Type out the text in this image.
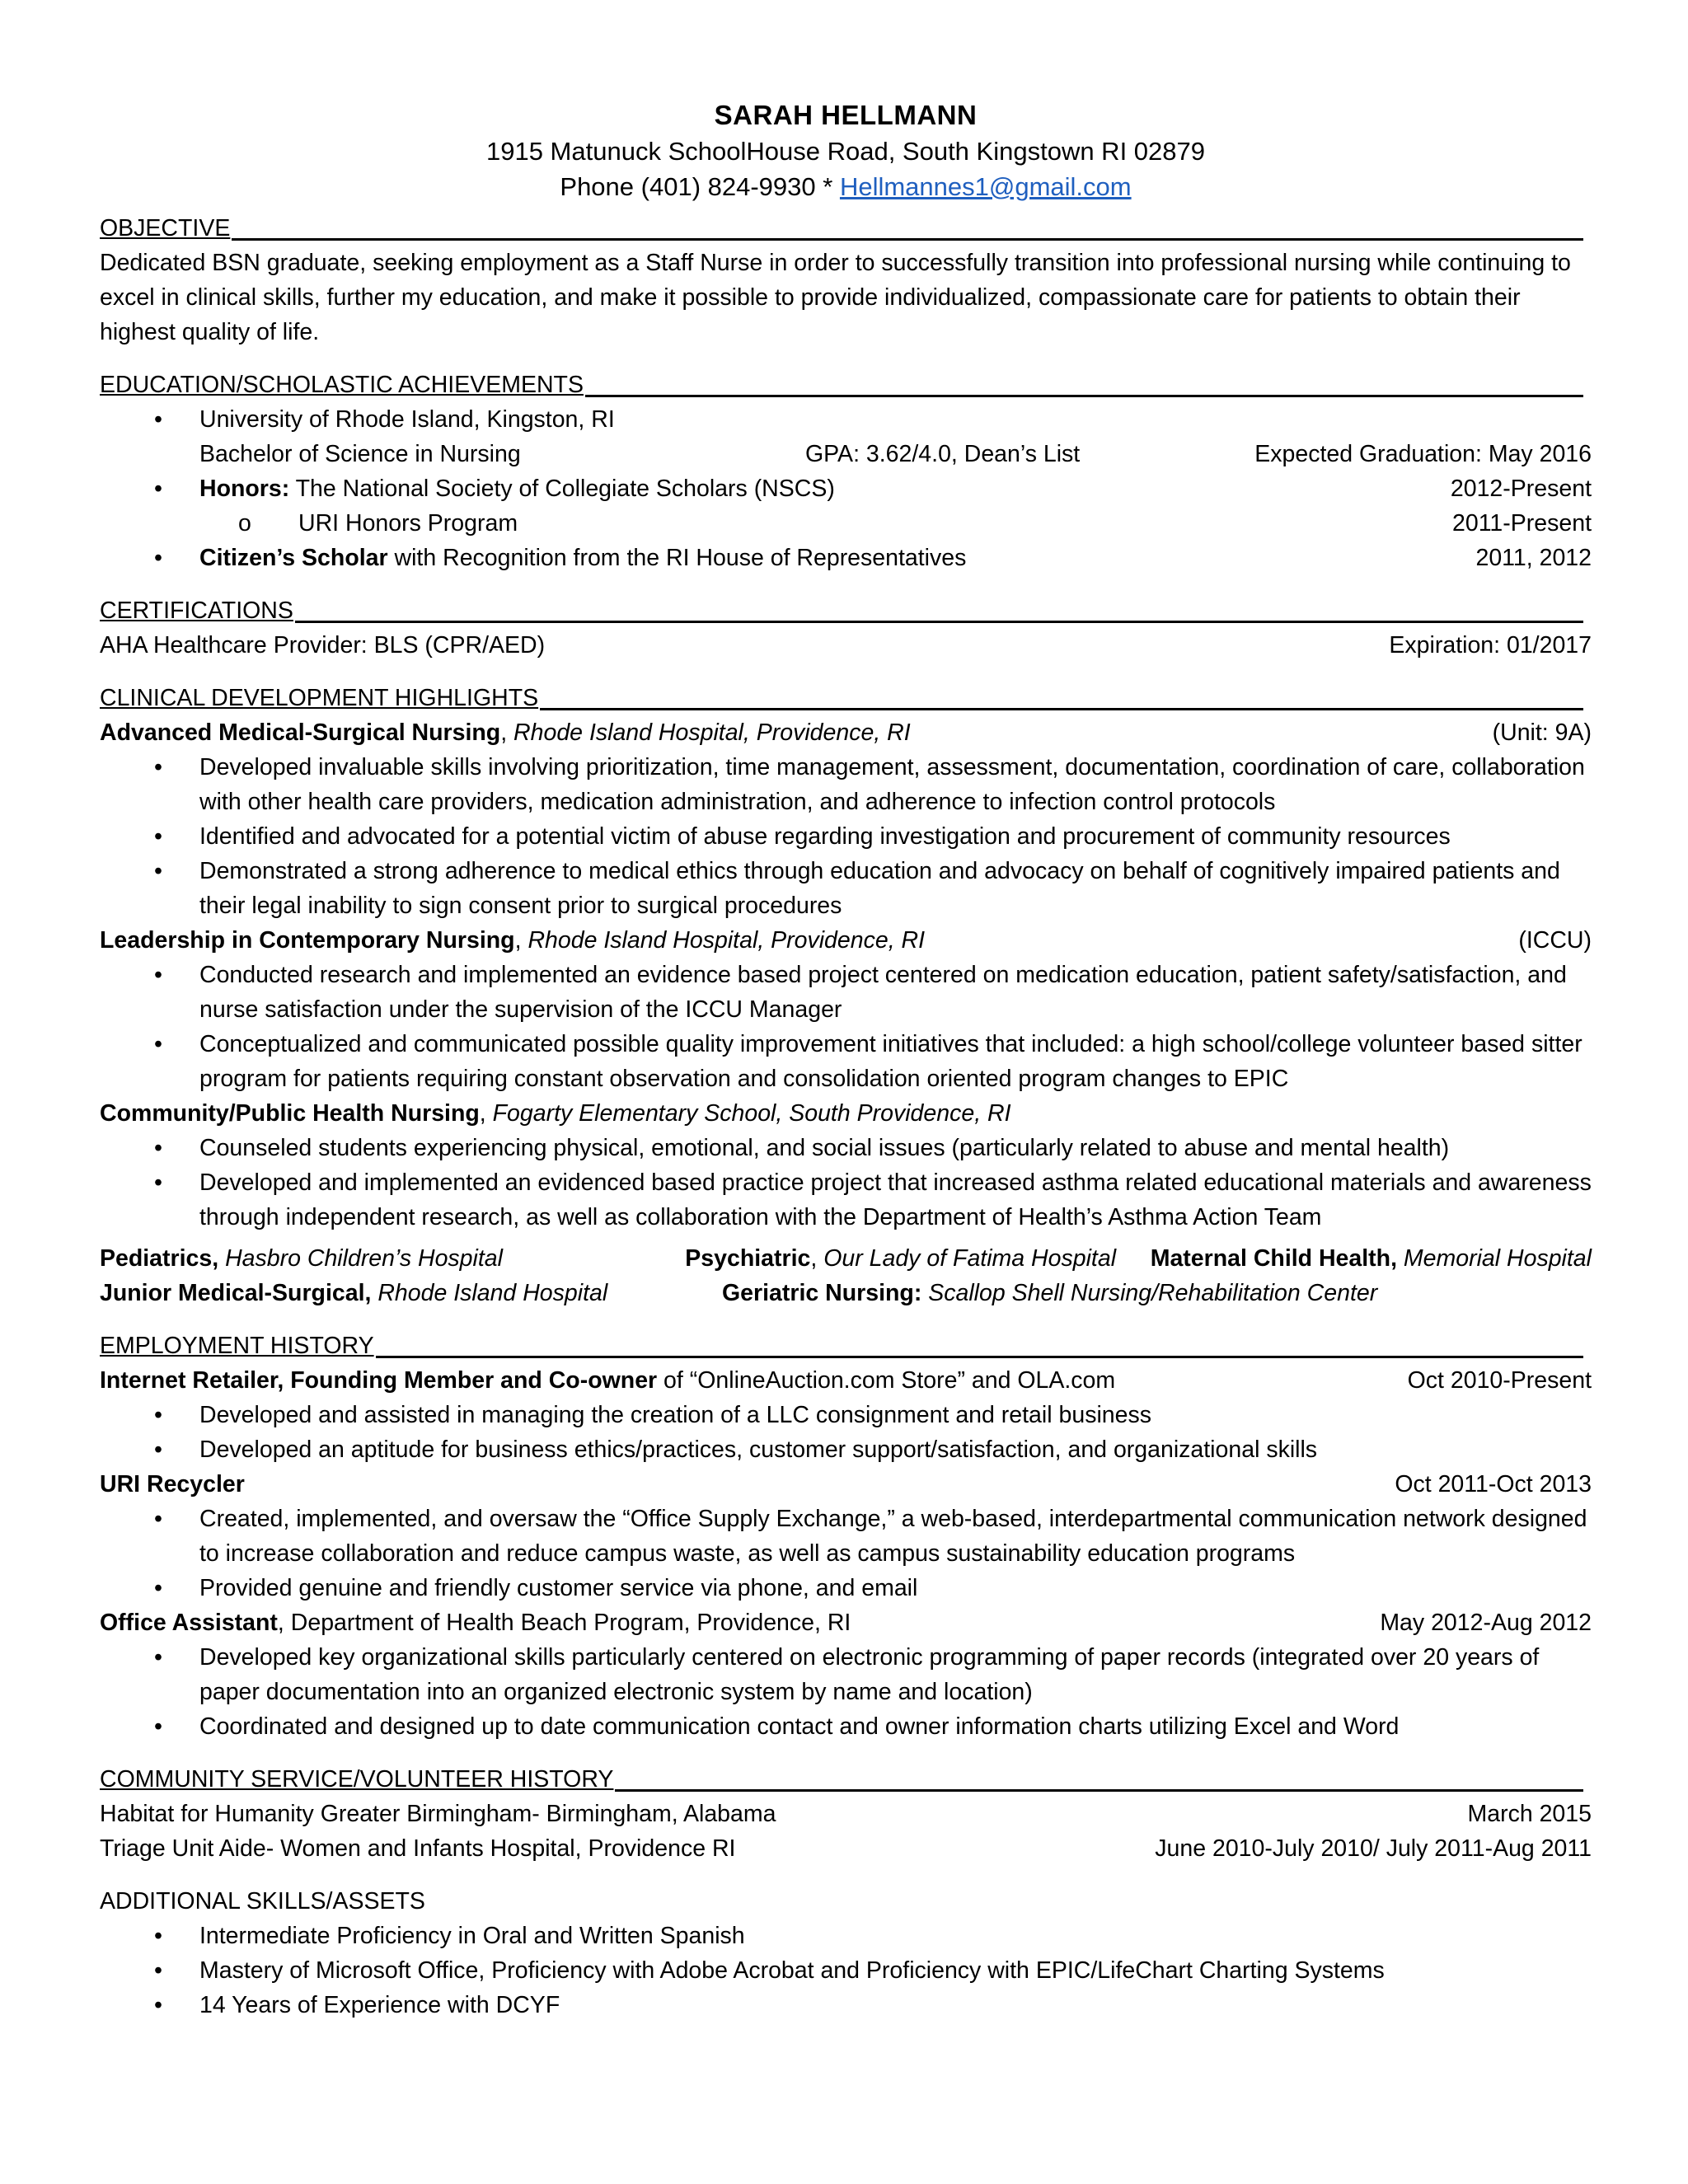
SARAH HELLMANN
1915 Matunuck SchoolHouse Road, South Kingstown RI 02879
Phone (401) 824-9930 * Hellmannes1@gmail.com
OBJECTIVE
Dedicated BSN graduate, seeking employment as a Staff Nurse in order to successfully transition into professional nursing while continuing to excel in clinical skills, further my education, and make it possible to provide individualized, compassionate care for patients to obtain their highest quality of life.
EDUCATION/SCHOLASTIC ACHIEVEMENTS
• University of Rhode Island, Kingston, RI
Bachelor of Science in Nursing	GPA: 3.62/4.0, Dean’s List	Expected Graduation: May 2016
• Honors: The National Society of Collegiate Scholars (NSCS)	2012-Present
o URI Honors Program	2011-Present
• Citizen’s Scholar with Recognition from the RI House of Representatives	2011, 2012
CERTIFICATIONS
AHA Healthcare Provider: BLS (CPR/AED)	Expiration: 01/2017
CLINICAL DEVELOPMENT HIGHLIGHTS
Advanced Medical-Surgical Nursing, Rhode Island Hospital, Providence, RI	(Unit: 9A)
• Developed invaluable skills involving prioritization, time management, assessment, documentation, coordination of care, collaboration with other health care providers, medication administration, and adherence to infection control protocols
• Identified and advocated for a potential victim of abuse regarding investigation and procurement of community resources
• Demonstrated a strong adherence to medical ethics through education and advocacy on behalf of cognitively impaired patients and their legal inability to sign consent prior to surgical procedures
Leadership in Contemporary Nursing, Rhode Island Hospital, Providence, RI	(ICCU)
• Conducted research and implemented an evidence based project centered on medication education, patient safety/satisfaction, and nurse satisfaction under the supervision of the ICCU Manager
• Conceptualized and communicated possible quality improvement initiatives that included: a high school/college volunteer based sitter program for patients requiring constant observation and consolidation oriented program changes to EPIC
Community/Public Health Nursing, Fogarty Elementary School, South Providence, RI
• Counseled students experiencing physical, emotional, and social issues (particularly related to abuse and mental health)
• Developed and implemented an evidenced based practice project that increased asthma related educational materials and awareness through independent research, as well as collaboration with the Department of Health’s Asthma Action Team
Pediatrics, Hasbro Children’s Hospital	Psychiatric, Our Lady of Fatima Hospital	Maternal Child Health, Memorial Hospital
Junior Medical-Surgical, Rhode Island Hospital	Geriatric Nursing: Scallop Shell Nursing/Rehabilitation Center
EMPLOYMENT HISTORY
Internet Retailer, Founding Member and Co-owner of “OnlineAuction.com Store” and OLA.com	Oct 2010-Present
• Developed and assisted in managing the creation of a LLC consignment and retail business
• Developed an aptitude for business ethics/practices, customer support/satisfaction, and organizational skills
URI Recycler	Oct 2011-Oct 2013
• Created, implemented, and oversaw the “Office Supply Exchange,” a web-based, interdepartmental communication network designed to increase collaboration and reduce campus waste, as well as campus sustainability education programs
• Provided genuine and friendly customer service via phone, and email
Office Assistant, Department of Health Beach Program, Providence, RI	May 2012-Aug 2012
• Developed key organizational skills particularly centered on electronic programming of paper records (integrated over 20 years of paper documentation into an organized electronic system by name and location)
• Coordinated and designed up to date communication contact and owner information charts utilizing Excel and Word
COMMUNITY SERVICE/VOLUNTEER HISTORY
Habitat for Humanity Greater Birmingham- Birmingham, Alabama	March 2015
Triage Unit Aide- Women and Infants Hospital, Providence RI	June 2010-July 2010/ July 2011-Aug 2011
ADDITIONAL SKILLS/ASSETS
• Intermediate Proficiency in Oral and Written Spanish
• Mastery of Microsoft Office, Proficiency with Adobe Acrobat and Proficiency with EPIC/LifeChart Charting Systems
• 14 Years of Experience with DCYF
